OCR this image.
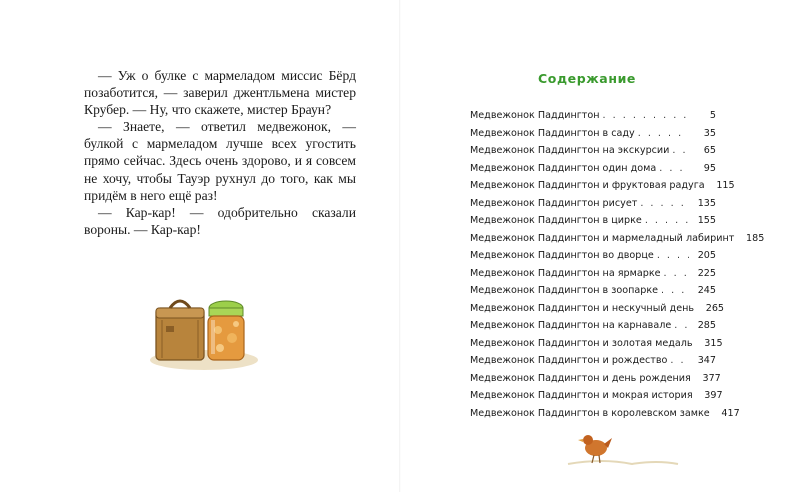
— Уж о булке с мармеладом миссис Бёрд позаботится, — заверил джентльмена мистер Крубер. — Ну, что скажете, мистер Браун?

— Знаете, — ответил медвежонок, — булкой с мармеладом лучше всех угостить прямо сейчас. Здесь очень здорово, и я совсем не хочу, чтобы Тауэр рухнул до того, как мы придём в него ещё раз!

— Кар-кар! — одобрительно сказали вороны. — Кар-кар!

Содержание
Медвежонок Паддингтон . . .	5
Медвежонок Паддингтон в саду . . .	35
Медвежонок Паддингтон на экскурсии . . .	65
Медвежонок Паддингтон один дома . . .	95
Медвежонок Паддингтон и фруктовая радуга	115
Медвежонок Паддингтон рисует . . .	135
Медвежонок Паддингтон в цирке . . .	155
Медвежонок Паддингтон и мармеладный лабиринт	185
Медвежонок Паддингтон во дворце . . .	205
Медвежонок Паддингтон на ярмарке . . .	225
Медвежонок Паддингтон в зоопарке . . .	245
Медвежонок Паддингтон и нескучный день	265
Медвежонок Паддингтон на карнавале . . .	285
Медвежонок Паддингтон и золотая медаль	315
Медвежонок Паддингтон и рождество . . .	347
Медвежонок Паддингтон и день рождения	377
Медвежонок Паддингтон и мокрая история	397
Медвежонок Паддингтон в королевском замке	417
